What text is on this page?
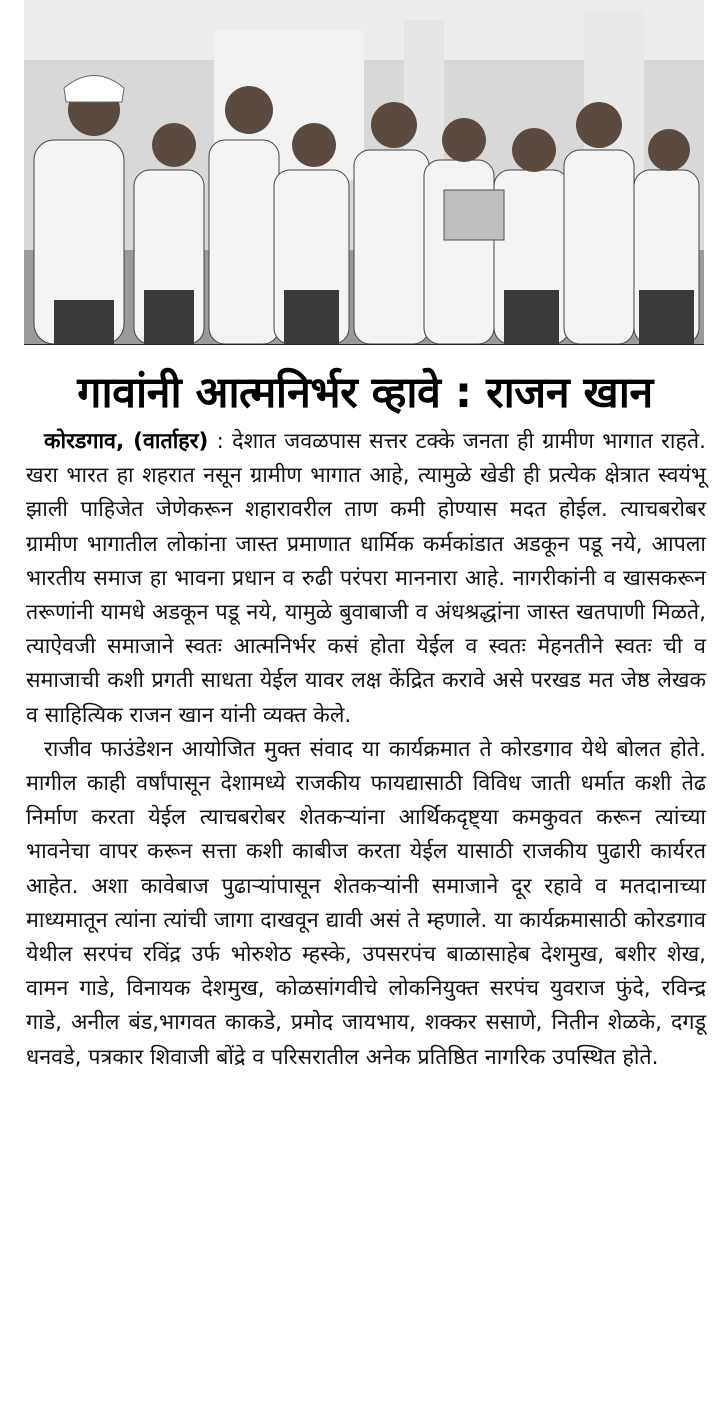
गावांनी आत्मनिर्भर व्हावे : राजन खान

कोरडगाव, (वार्ताहर) : देशात जवळपास सत्तर टक्के जनता ही ग्रामीण भागात राहते. खरा भारत हा शहरात नसून ग्रामीण भागात आहे, त्यामुळे खेडी ही प्रत्येक क्षेत्रात स्वयंभू झाली पाहिजेत जेणेकरून शहारावरील ताण कमी होण्यास मदत होईल. त्याचबरोबर ग्रामीण भागातील लोकांना जास्त प्रमाणात धार्मिक कर्मकांडात अडकून पडू नये, आपला भारतीय समाज हा भावना प्रधान व रुढी परंपरा माननारा आहे. नागरीकांनी व खासकरून तरूणांनी यामधे अडकून पडू नये, यामुळे बुवाबाजी व अंधश्रद्धांना जास्त खतपाणी मिळते, त्याऐवजी समाजाने स्वतः आत्मनिर्भर कसं होता येईल व स्वतः मेहनतीने स्वतः ची व समाजाची कशी प्रगती साधता येईल यावर लक्ष केंद्रित करावे असे परखड मत जेष्ठ लेखक व साहित्यिक राजन खान यांनी व्यक्त केले.

राजीव फाउंडेशन आयोजित मुक्त संवाद या कार्यक्रमात ते कोरडगाव येथे बोलत होते. मागील काही वर्षांपासून देशामध्ये राजकीय फायद्यासाठी विविध जाती धर्मात कशी तेढ निर्माण करता येईल त्याचबरोबर शेतकऱ्यांना आर्थिकदृष्ट्या कमकुवत करून त्यांच्या भावनेचा वापर करून सत्ता कशी काबीज करता येईल यासाठी राजकीय पुढारी कार्यरत आहेत. अशा कावेबाज पुढाऱ्यांपासून शेतकऱ्यांनी समाजाने दूर रहावे व मतदानाच्या माध्यमातून त्यांना त्यांची जागा दाखवून द्यावी असं ते म्हणाले. या कार्यक्रमासाठी कोरडगाव येथील सरपंच रविंद्र उर्फ भोरुशेठ म्हस्के, उपसरपंच बाळासाहेब देशमुख, बशीर शेख, वामन गाडे, विनायक देशमुख, कोळसांगवीचे लोकनियुक्त सरपंच युवराज फुंदे, रविन्द्र गाडे, अनील बंड,भागवत काकडे, प्रमोद जायभाय, शक्कर ससाणे, नितीन शेळके, दगडू धनवडे, पत्रकार शिवाजी बोंद्रे व परिसरातील अनेक प्रतिष्ठित नागरिक उपस्थित होते.
